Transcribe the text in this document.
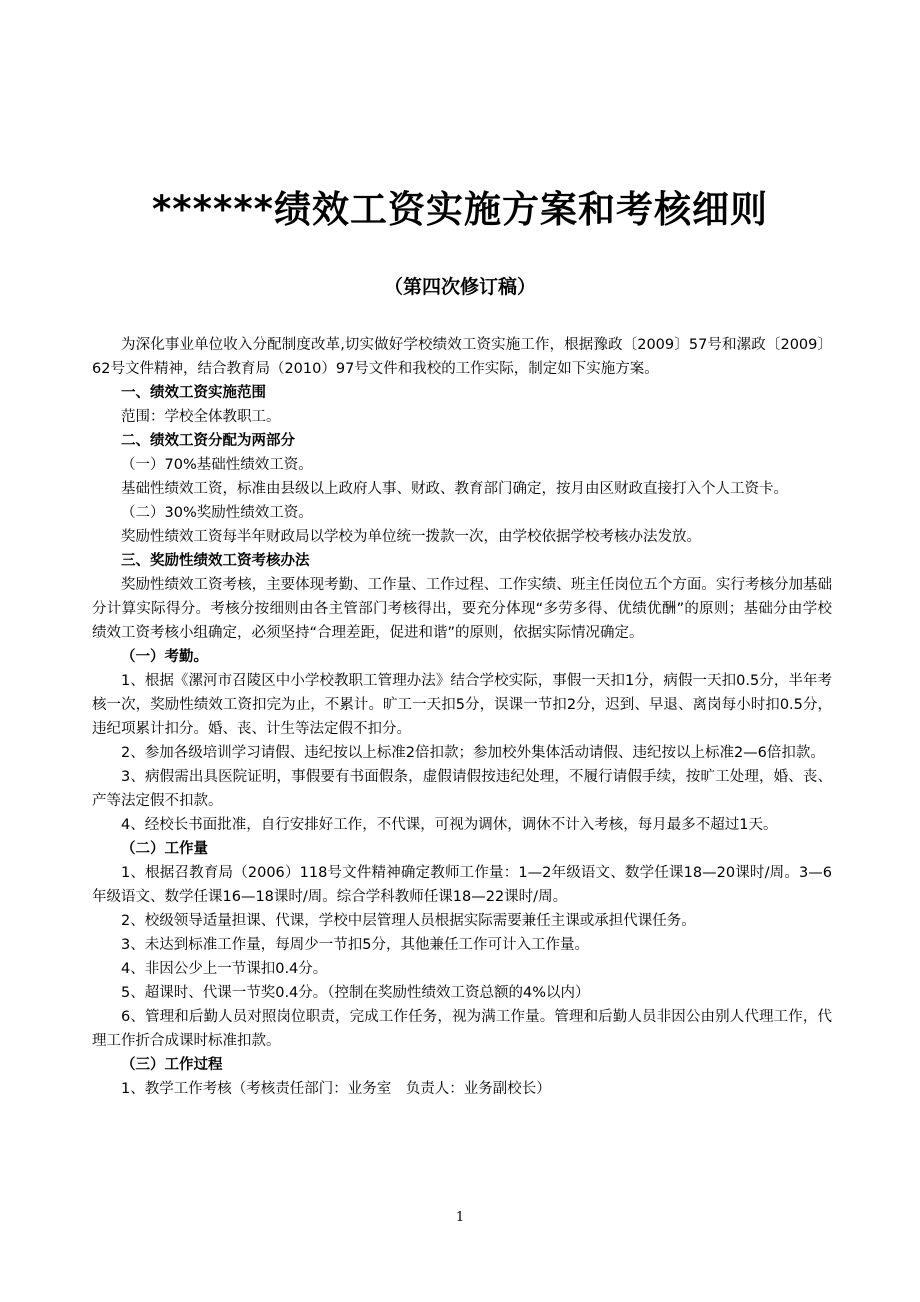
******绩效工资实施方案和考核细则
（第四次修订稿）

为深化事业单位收入分配制度改革,切实做好学校绩效工资实施工作，根据豫政〔2009〕57号和漯政〔2009〕62号文件精神，结合教育局（2010）97号文件和我校的工作实际，制定如下实施方案。

一、绩效工资实施范围

范围：学校全体教职工。

二、绩效工资分配为两部分

（一）70%基础性绩效工资。

基础性绩效工资，标准由县级以上政府人事、财政、教育部门确定，按月由区财政直接打入个人工资卡。

（二）30%奖励性绩效工资。

奖励性绩效工资每半年财政局以学校为单位统一拨款一次，由学校依据学校考核办法发放。

三、奖励性绩效工资考核办法

奖励性绩效工资考核，主要体现考勤、工作量、工作过程、工作实绩、班主任岗位五个方面。实行考核分加基础分计算实际得分。考核分按细则由各主管部门考核得出，要充分体现“多劳多得、优绩优酬”的原则；基础分由学校绩效工资考核小组确定，必须坚持“合理差距，促进和谐”的原则，依据实际情况确定。

（一）考勤。

1、根据《漯河市召陵区中小学校教职工管理办法》结合学校实际，事假一天扣1分，病假一天扣0.5分，半年考核一次，奖励性绩效工资扣完为止，不累计。旷工一天扣5分，误课一节扣2分，迟到、早退、离岗每小时扣0.5分，违纪项累计扣分。婚、丧、计生等法定假不扣分。

2、参加各级培训学习请假、违纪按以上标准2倍扣款；参加校外集体活动请假、违纪按以上标准2—6倍扣款。

3、病假需出具医院证明，事假要有书面假条，虚假请假按违纪处理，不履行请假手续，按旷工处理，婚、丧、产等法定假不扣款。

4、经校长书面批准，自行安排好工作，不代课，可视为调休，调休不计入考核，每月最多不超过1天。

（二）工作量

1、根据召教育局（2006）118号文件精神确定教师工作量：1—2年级语文、数学任课18—20课时/周。3—6年级语文、数学任课16—18课时/周。综合学科教师任课18—22课时/周。

2、校级领导适量担课、代课，学校中层管理人员根据实际需要兼任主课或承担代课任务。

3、未达到标准工作量，每周少一节扣5分，其他兼任工作可计入工作量。

4、非因公少上一节课扣0.4分。

5、超课时、代课一节奖0.4分。（控制在奖励性绩效工资总额的4%以内）

6、管理和后勤人员对照岗位职责，完成工作任务，视为满工作量。管理和后勤人员非因公由别人代理工作，代理工作折合成课时标准扣款。

（三）工作过程

1、教学工作考核（考核责任部门：业务室　负责人：业务副校长）

1
